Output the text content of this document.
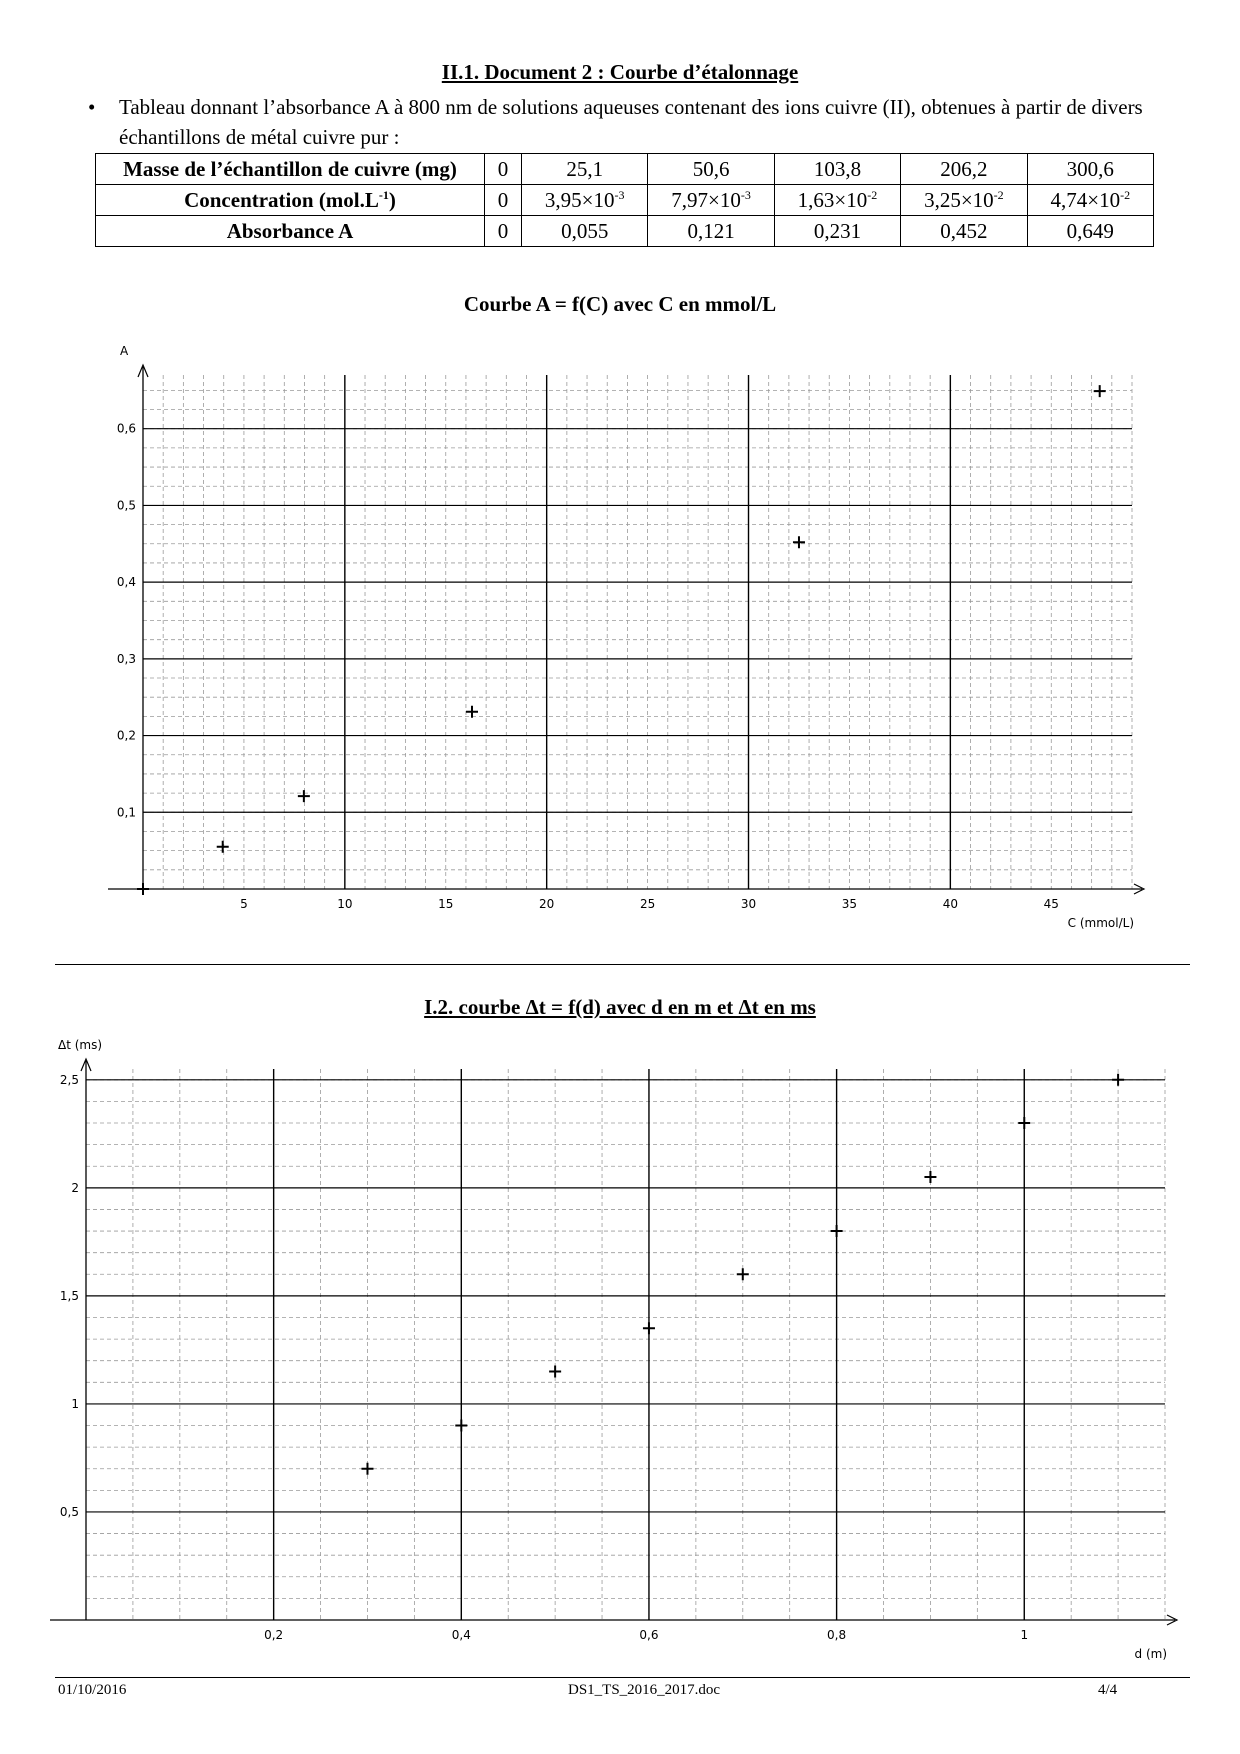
II.1. Document 2 : Courbe d’étalonnage
• Tableau donnant l’absorbance A à 800 nm de solutions aqueuses contenant des ions cuivre (II), obtenues à partir de divers échantillons de métal cuivre pur :
Masse de l’échantillon de cuivre (mg)	0	25,1	50,6	103,8	206,2	300,6
Concentration $(mol.L^{-1})$	0	$3,95\times 10^{-3}$	$7,97\times 10^{-3}$	$1,63\times 10^{-2}$	$3,25\times 10^{-2}$	$4,74\times 10^{-2}$
Absorbance A	0	0,055	0,121	0,231	0,452	0,649
Courbe A = f(C) avec C en mmol/L
5	10	15	20	25	30	35	40	45
0,1
0,2
0,3
0,4
0,5
0,6
C (mmol/L)
A
I.2. courbe Δt = f(d) avec d en m et Δt en ms
0,2	0,4	0,6	0,8	1
0,5
1
1,5
2
2,5
d (m)
Δt (ms)
01/10/2016	DS1_TS_2016_2017.doc	4/4
